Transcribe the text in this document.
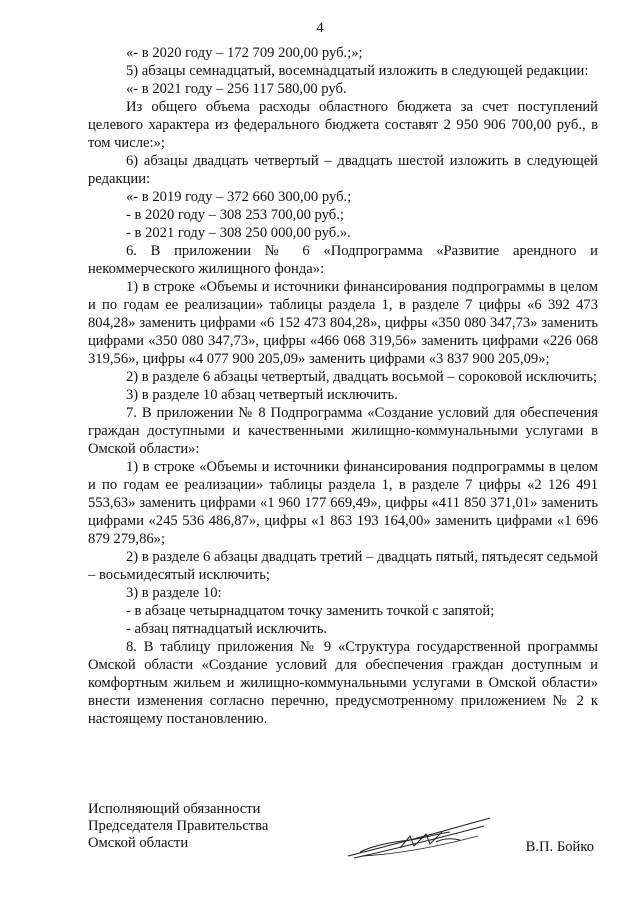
4

«- в 2020 году – 172 709 200,00 руб.;»;

5) абзацы семнадцатый, восемнадцатый изложить в следующей редакции:

«- в 2021 году – 256 117 580,00 руб.

Из общего объема расходы областного бюджета за счет поступлений целевого характера из федерального бюджета составят 2 950 906 700,00 руб., в том числе:»;

6) абзацы двадцать четвертый – двадцать шестой изложить в следующей редакции:

«- в 2019 году – 372 660 300,00 руб.;

- в 2020 году – 308 253 700,00 руб.;

- в 2021 году – 308 250 000,00 руб.».

6. В приложении № 6 «Подпрограмма «Развитие арендного и некоммерческого жилищного фонда»:

1) в строке «Объемы и источники финансирования подпрограммы в целом и по годам ее реализации» таблицы раздела 1, в разделе 7 цифры «6 392 473 804,28» заменить цифрами «6 152 473 804,28», цифры «350 080 347,73» заменить цифрами «350 080 347,73», цифры «466 068 319,56» заменить цифрами «226 068 319,56», цифры «4 077 900 205,09» заменить цифрами «3 837 900 205,09»;

2) в разделе 6 абзацы четвертый, двадцать восьмой – сороковой исключить;

3) в разделе 10 абзац четвертый исключить.

7. В приложении № 8 Подпрограмма «Создание условий для обеспечения граждан доступными и качественными жилищно-коммунальными услугами в Омской области»:

1) в строке «Объемы и источники финансирования подпрограммы в целом и по годам ее реализации» таблицы раздела 1, в разделе 7 цифры «2 126 491 553,63» заменить цифрами «1 960 177 669,49», цифры «411 850 371,01» заменить цифрами «245 536 486,87», цифры «1 863 193 164,00» заменить цифрами «1 696 879 279,86»;

2) в разделе 6 абзацы двадцать третий – двадцать пятый, пятьдесят седьмой – восьмидесятый исключить;

3) в разделе 10:

- в абзаце четырнадцатом точку заменить точкой с запятой;

- абзац пятнадцатый исключить.

8. В таблицу приложения № 9 «Структура государственной программы Омской области «Создание условий для обеспечения граждан доступным и комфортным жильем и жилищно-коммунальными услугами в Омской области» внести изменения согласно перечню, предусмотренному приложением № 2 к настоящему постановлению.

Исполняющий обязанности
Председателя Правительства
Омской области	В.П. Бойко
